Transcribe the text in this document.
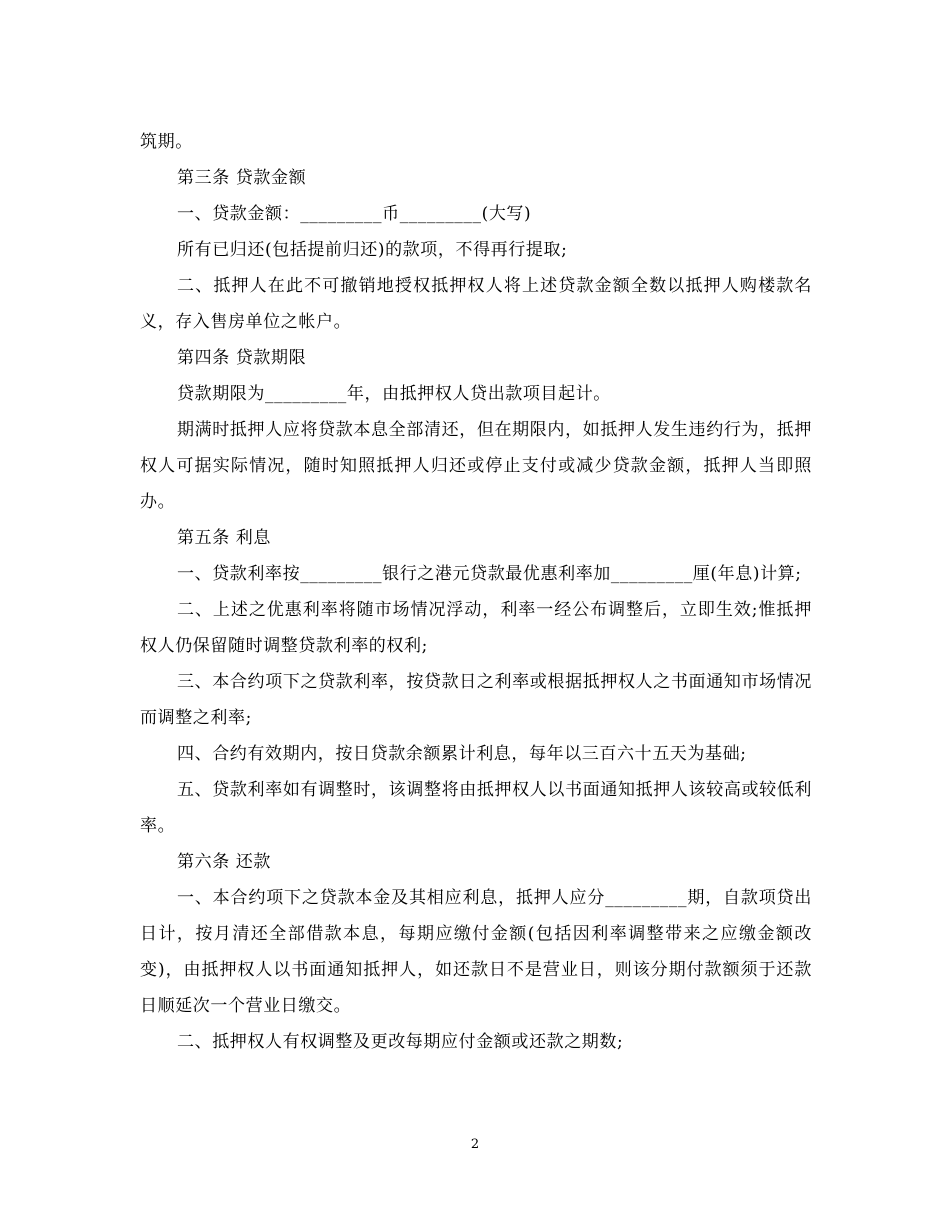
筑期。

第三条 贷款金额

一、贷款金额：_________币_________(大写)

所有已归还(包括提前归还)的款项，不得再行提取;

二、抵押人在此不可撤销地授权抵押权人将上述贷款金额全数以抵押人购楼款名义，存入售房单位之帐户。

第四条 贷款期限

贷款期限为_________年，由抵押权人贷出款项目起计。

期满时抵押人应将贷款本息全部清还，但在期限内，如抵押人发生违约行为，抵押权人可据实际情况，随时知照抵押人归还或停止支付或减少贷款金额，抵押人当即照办。

第五条 利息

一、贷款利率按_________银行之港元贷款最优惠利率加_________厘(年息)计算;

二、上述之优惠利率将随市场情况浮动，利率一经公布调整后，立即生效;惟抵押权人仍保留随时调整贷款利率的权利;

三、本合约项下之贷款利率，按贷款日之利率或根据抵押权人之书面通知市场情况而调整之利率;

四、合约有效期内，按日贷款余额累计利息，每年以三百六十五天为基础;

五、贷款利率如有调整时，该调整将由抵押权人以书面通知抵押人该较高或较低利率。

第六条 还款

一、本合约项下之贷款本金及其相应利息，抵押人应分_________期，自款项贷出日计，按月清还全部借款本息，每期应缴付金额(包括因利率调整带来之应缴金额改变)，由抵押权人以书面通知抵押人，如还款日不是营业日，则该分期付款额须于还款日顺延次一个营业日缴交。

二、抵押权人有权调整及更改每期应付金额或还款之期数;

2
